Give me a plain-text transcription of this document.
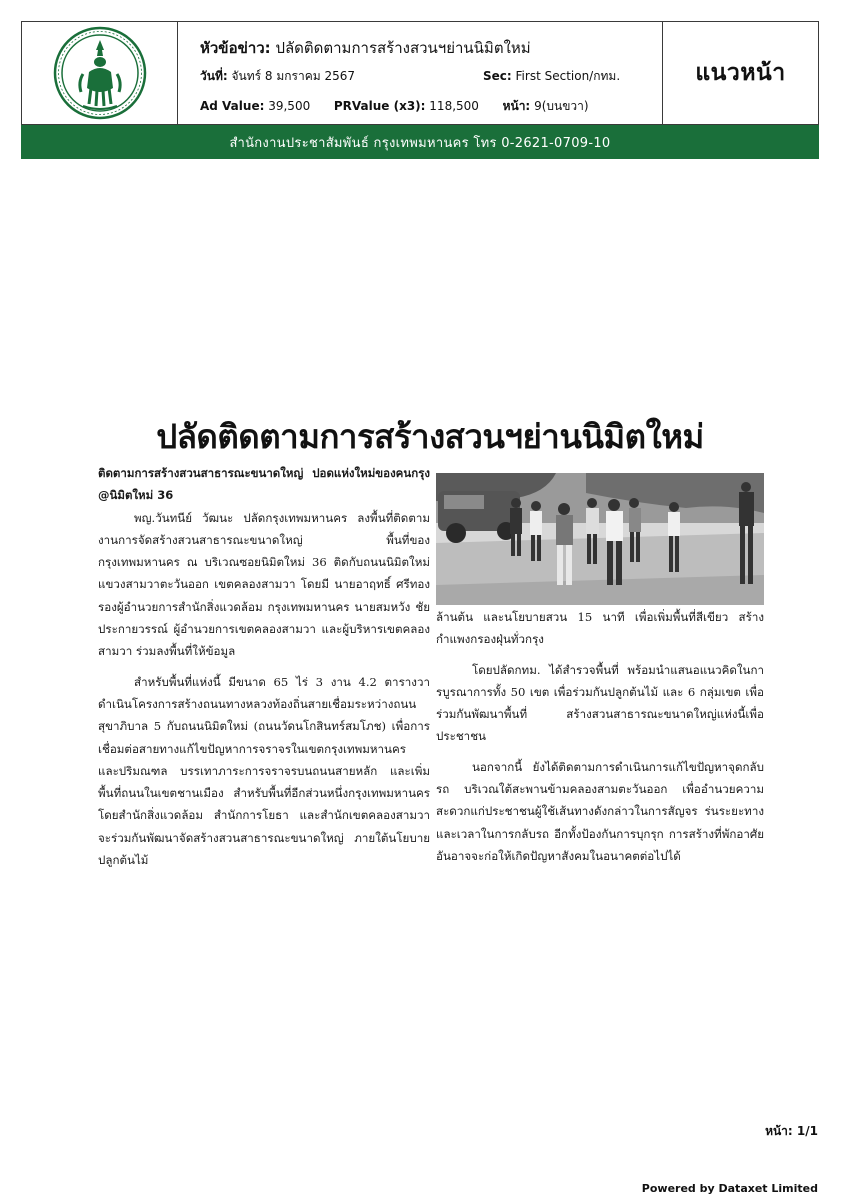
หัวข้อข่าว: ปลัดติดตามการสร้างสวนฯย่านนิมิตใหม่
วันที่: จันทร์ 8 มกราคม 2567	Sec: First Section/กทม.
Ad Value: 39,500 PRValue (x3): 118,500 หน้า: 9(บนขวา)
แนวหน้า
สำนักงานประชาสัมพันธ์ กรุงเทพมหานคร โทร 0-2621-0709-10
ปลัดติดตามการสร้างสวนฯย่านนิมิตใหม่

ติดตามการสร้างสวนสาธารณะขนาดใหญ่ ปอดแห่งใหม่ของคนกรุง @นิมิตใหม่ 36

พญ.วันทนีย์ วัฒนะ ปลัดกรุงเทพมหานคร ลงพื้นที่ติดตามงานการจัดสร้างสวนสาธารณะขนาดใหญ่ พื้นที่ของกรุงเทพมหานคร ณ บริเวณซอยนิมิตใหม่ 36 ติดกับถนนนิมิตใหม่ แขวงสามวาตะวันออก เขตคลองสามวา โดยมี นายอาฤทธิ์ ศรีทอง รองผู้อำนวยการสำนักสิ่งแวดล้อม กรุงเทพมหานคร นายสมหวัง ชัยประกายวรรณ์ ผู้อำนวยการเขตคลองสามวา และผู้บริหารเขตคลองสามวา ร่วมลงพื้นที่ให้ข้อมูล

สำหรับพื้นที่แห่งนี้ มีขนาด 65 ไร่ 3 งาน 4.2 ตารางวา ดำเนินโครงการสร้างถนนทางหลวงท้องถิ่นสายเชื่อมระหว่างถนนสุขาภิบาล 5 กับถนนนิมิตใหม่ (ถนนวัดนโกสินทร์สมโภช) เพื่อการเชื่อมต่อสายทางแก้ไขปัญหาการจราจรในเขตกรุงเทพมหานคร และปริมณฑล บรรเทาภาระการจราจรบนถนนสายหลัก และเพิ่มพื้นที่ถนนในเขตชานเมือง สำหรับพื้นที่อีกส่วนหนึ่งกรุงเทพมหานคร โดยสำนักสิ่งแวดล้อม สำนักการโยธา และสำนักเขตคลองสามวา จะร่วมกันพัฒนาจัดสร้างสวนสาธารณะขนาดใหญ่ ภายใต้นโยบายปลูกต้นไม้

ล้านต้น และนโยบายสวน 15 นาที เพื่อเพิ่มพื้นที่สีเขียว สร้างกำแพงกรองฝุ่นทั่วกรุง

โดยปลัดกทม. ได้สำรวจพื้นที่ พร้อมนำแสนอแนวคิดในการบูรณาการทั้ง 50 เขต เพื่อร่วมกันปลูกต้นไม้ และ 6 กลุ่มเขต เพื่อร่วมกันพัฒนาพื้นที่ สร้างสวนสาธารณะขนาดใหญ่แห่งนี้เพื่อประชาชน

นอกจากนี้ ยังได้ติดตามการดำเนินการแก้ไขปัญหาจุดกลับรถ บริเวณใต้สะพานข้ามคลองสามตะวันออก เพื่ออำนวยความสะดวกแก่ประชาชนผู้ใช้เส้นทางดังกล่าวในการสัญจร ร่นระยะทางและเวลาในการกลับรถ อีกทั้งป้องกันการบุกรุก การสร้างที่พักอาศัย อันอาจจะก่อให้เกิดปัญหาสังคมในอนาคตต่อไปได้

หน้า: 1/1
Powered by Dataxet Limited
